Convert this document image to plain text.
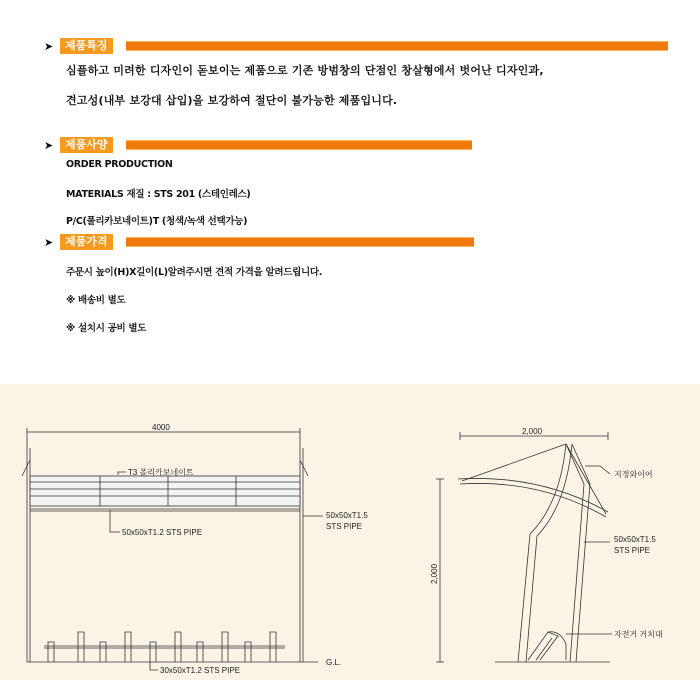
➤	제품특징
심플하고 미려한 디자인이 돋보이는 제품으로 기존 방범창의 단점인 창살형에서 벗어난 디자인과,
견고성(내부 보강대 삽입)을 보강하여 절단이 불가능한 제품입니다.
➤	제품사양
ORDER PRODUCTION
MATERIALS 재질 : STS 201 (스테인레스)
P/C(폴리카보네이트)T (청색/녹색 선택가능)
➤	제품가격
주문시 높이(H)X길이(L)알려주시면 견적 가격을 알려드립니다.
※ 배송비 별도
※ 설치시 공비 별도
4000
T3 폴리카보네이트
50x50xT1.2 STS PIPE
50x50xT1.5
STS PIPE
30x50xT1.2 STS PIPE
G.L.
2,000
2,000
지정와이어
50x50xT1.5
STS PIPE
자전거 거치대
